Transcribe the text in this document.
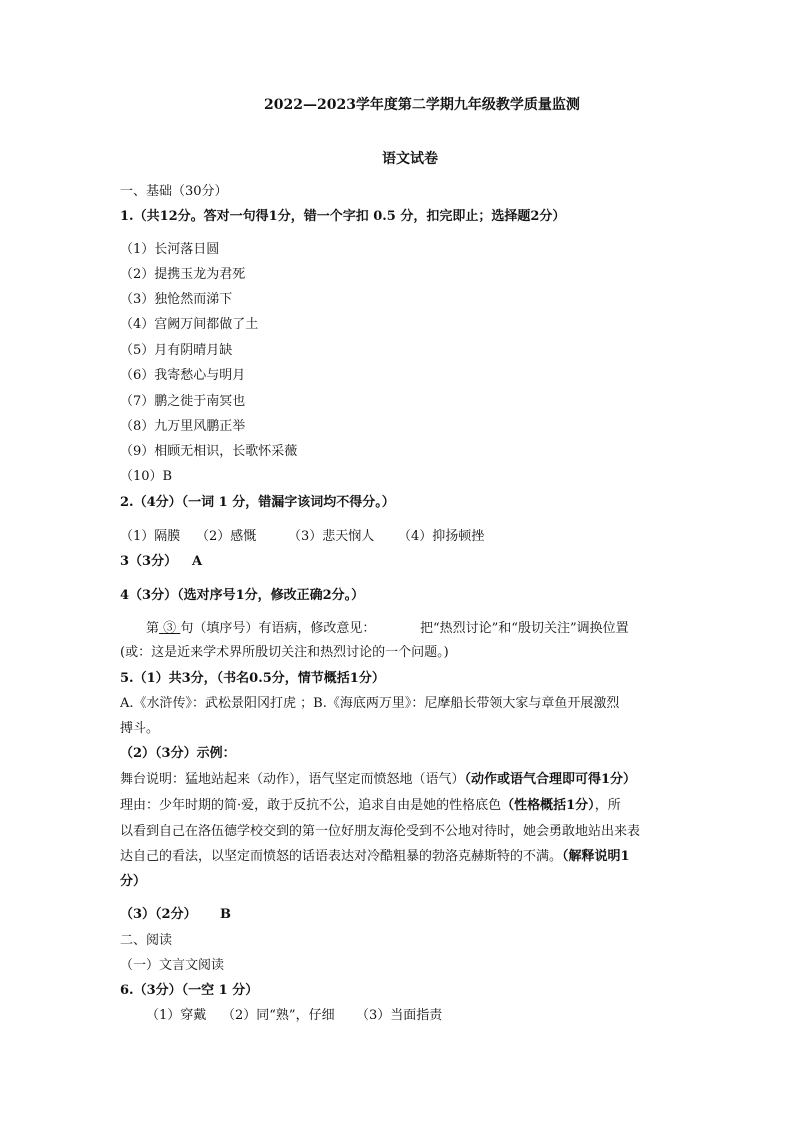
2022—2023学年度第二学期九年级教学质量监测
语文试卷
一、基础（30分）
1.（共12分。答对一句得1分，错一个字扣 0.5 分，扣完即止；选择题2分）
（1）长河落日圆
（2）提携玉龙为君死
（3）独怆然而涕下
（4）宫阙万间都做了土
（5）月有阴晴月缺
（6）我寄愁心与明月
（7）鹏之徙于南冥也
（8）九万里风鹏正举
（9）相顾无相识，长歌怀采薇
（10）B
2.（4分）（一词 1 分，错漏字该词均不得分。）
（1）隔膜 （2）感慨 （3）悲天悯人 （4）抑扬顿挫
3（3分） A
4（3分）（选对序号1分，修改正确2分。）
第 ③ 句（填序号）有语病，修改意见：	把“热烈讨论”和“殷切关注”调换位置
(或：这是近来学术界所殷切关注和热烈讨论的一个问题。)
5.（1）共3分，（书名0.5分，情节概括1分）
A.《水浒传》：武松景阳冈打虎 ；B.《海底两万里》：尼摩船长带领大家与章鱼开展激烈
搏斗。
（2）（3分）示例：
舞台说明：猛地站起来（动作），语气坚定而愤怒地（语气）（动作或语气合理即可得1分）
理由：少年时期的简·爱，敢于反抗不公，追求自由是她的性格底色（性格概括1分），所
以看到自己在洛伍德学校交到的第一位好朋友海伦受到不公地对待时，她会勇敢地站出来表
达自己的看法，以坚定而愤怒的话语表达对冷酷粗暴的勃洛克赫斯特的不满。（解释说明1
分）
（3）（2分） B
二、阅读
（一）文言文阅读
6.（3分）（一空 1 分）
（1）穿戴 （2）同“熟”，仔细 （3）当面指责
